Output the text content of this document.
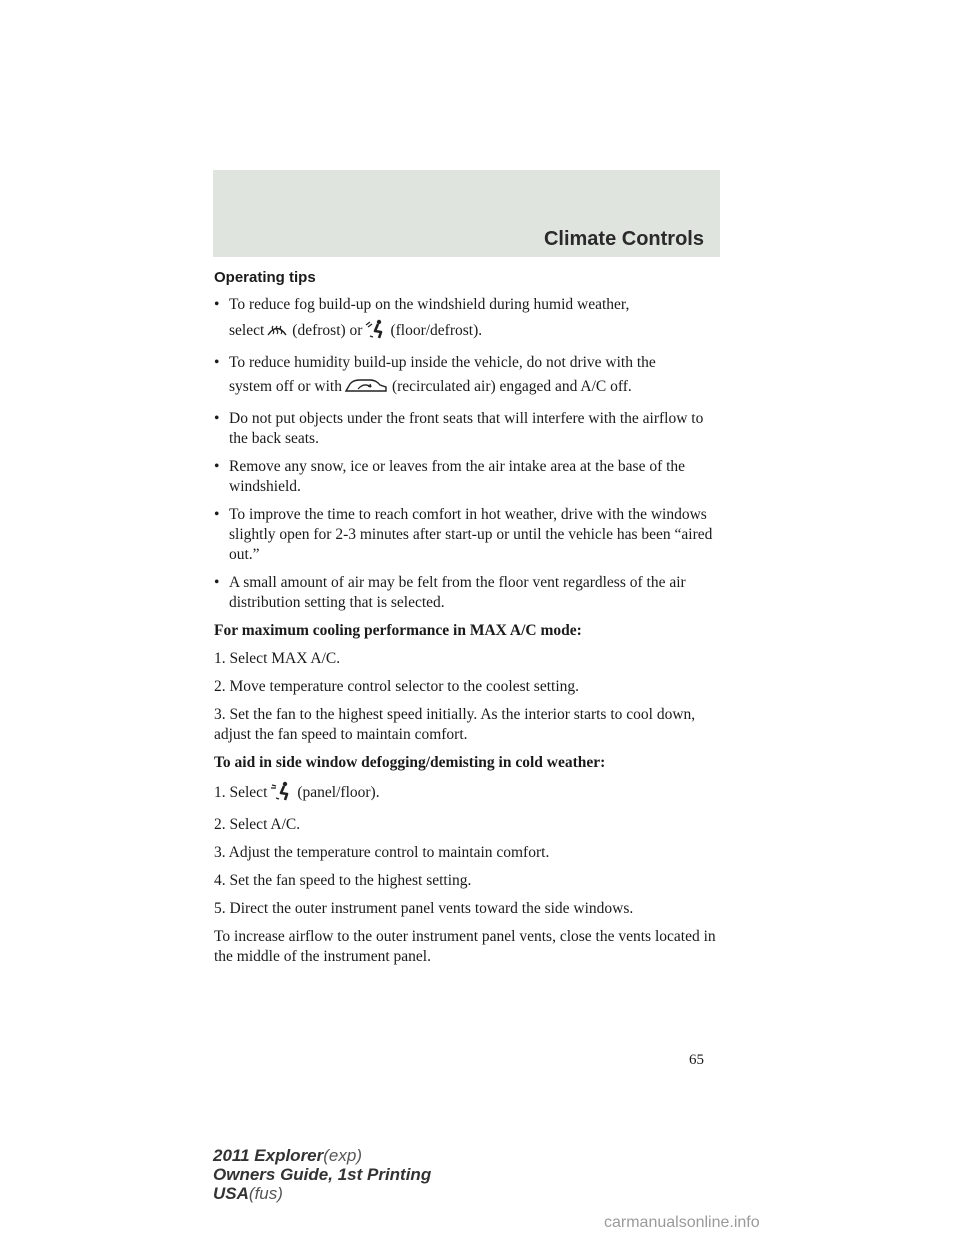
Climate Controls
Operating tips
• To reduce fog build-up on the windshield during humid weather,
select (defrost) or (floor/defrost).
• To reduce humidity build-up inside the vehicle, do not drive with the
system off or with	(recirculated air) engaged and A/C off.
• Do not put objects under the front seats that will interfere with the airflow to the back seats.
• Remove any snow, ice or leaves from the air intake area at the base of the windshield.
• To improve the time to reach comfort in hot weather, drive with the windows slightly open for 2-3 minutes after start-up or until the vehicle has been “aired out.”
• A small amount of air may be felt from the floor vent regardless of the air distribution setting that is selected.
For maximum cooling performance in MAX A/C mode:

1. Select MAX A/C.

2. Move temperature control selector to the coolest setting.

3. Set the fan to the highest speed initially. As the interior starts to cool down, adjust the fan speed to maintain comfort.

To aid in side window defogging/demisting in cold weather:

1. Select (panel/floor).

2. Select A/C.

3. Adjust the temperature control to maintain comfort.

4. Set the fan speed to the highest setting.

5. Direct the outer instrument panel vents toward the side windows.

To increase airflow to the outer instrument panel vents, close the vents located in the middle of the instrument panel.

65
2011 Explorer(exp)
Owners Guide, 1st Printing
USA(fus)
carmanualsonline.info
